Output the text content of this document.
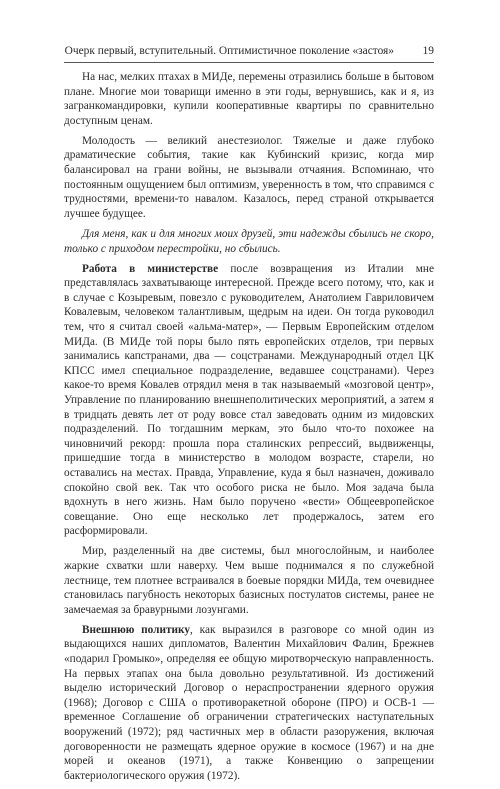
Очерк первый, вступительный. Оптимистичное поколение «застоя»	19

На нас, мелких птахах в МИДе, перемены отразились больше в бытовом плане. Многие мои товарищи именно в эти годы, вернувшись, как и я, из загранкомандировки, купили кооперативные квартиры по сравнительно доступным ценам.

Молодость — великий анестезиолог. Тяжелые и даже глубоко драматические события, такие как Кубинский кризис, когда мир балансировал на грани войны, не вызывали отчаяния. Вспоминаю, что постоянным ощущением был оптимизм, уверенность в том, что справимся с трудностями, времени-то навалом. Казалось, перед страной открывается лучшее будущее.

Для меня, как и для многих моих друзей, эти надежды сбылись не скоро, только с приходом перестройки, но сбылись.

Работа в министерстве после возвращения из Италии мне представлялась захватывающе интересной. Прежде всего потому, что, как и в случае с Козыревым, повезло с руководителем, Анатолием Гавриловичем Ковалевым, человеком талантливым, щедрым на идеи. Он тогда руководил тем, что я считал своей «альма-матер», — Первым Европейским отделом МИДа. (В МИДе той поры было пять европейских отделов, три первых занимались капстранами, два — соцстранами. Международный отдел ЦК КПСС имел специальное подразделение, ведавшее соцстранами). Через какое-то время Ковалев отрядил меня в так называемый «мозговой центр», Управление по планированию внешнеполитических мероприятий, а затем я в тридцать девять лет от роду вовсе стал заведовать одним из мидовских подразделений. По тогдашним меркам, это было что-то похожее на чиновничий рекорд: прошла пора сталинских репрессий, выдвиженцы, пришедшие тогда в министерство в молодом возрасте, старели, но оставались на местах. Правда, Управление, куда я был назначен, доживало спокойно свой век. Так что особого риска не было. Моя задача была вдохнуть в него жизнь. Нам было поручено «вести» Общеевропейское совещание. Оно еще несколько лет продержалось, затем его расформировали.

Мир, разделенный на две системы, был многослойным, и наиболее жаркие схватки шли наверху. Чем выше поднимался я по служебной лестнице, тем плотнее встраивался в боевые порядки МИДа, тем очевиднее становилась пагубность некоторых базисных постулатов системы, ранее не замечаемая за бравурными лозунгами.

Внешнюю политику, как выразился в разговоре со мной один из выдающихся наших дипломатов, Валентин Михайлович Фалин, Брежнев «подарил Громыко», определяя ее общую миротворческую направленность. На первых этапах она была довольно результативной. Из достижений выделю исторический Договор о нераспространении ядерного оружия (1968); Договор с США о противоракетной обороне (ПРО) и ОСВ-1 — временное Соглашение об ограничении стратегических наступательных вооружений (1972); ряд частичных мер в области разоружения, включая договоренности не размещать ядерное оружие в космосе (1967) и на дне морей и океанов (1971), а также Конвенцию о запрещении бактериологического оружия (1972).
